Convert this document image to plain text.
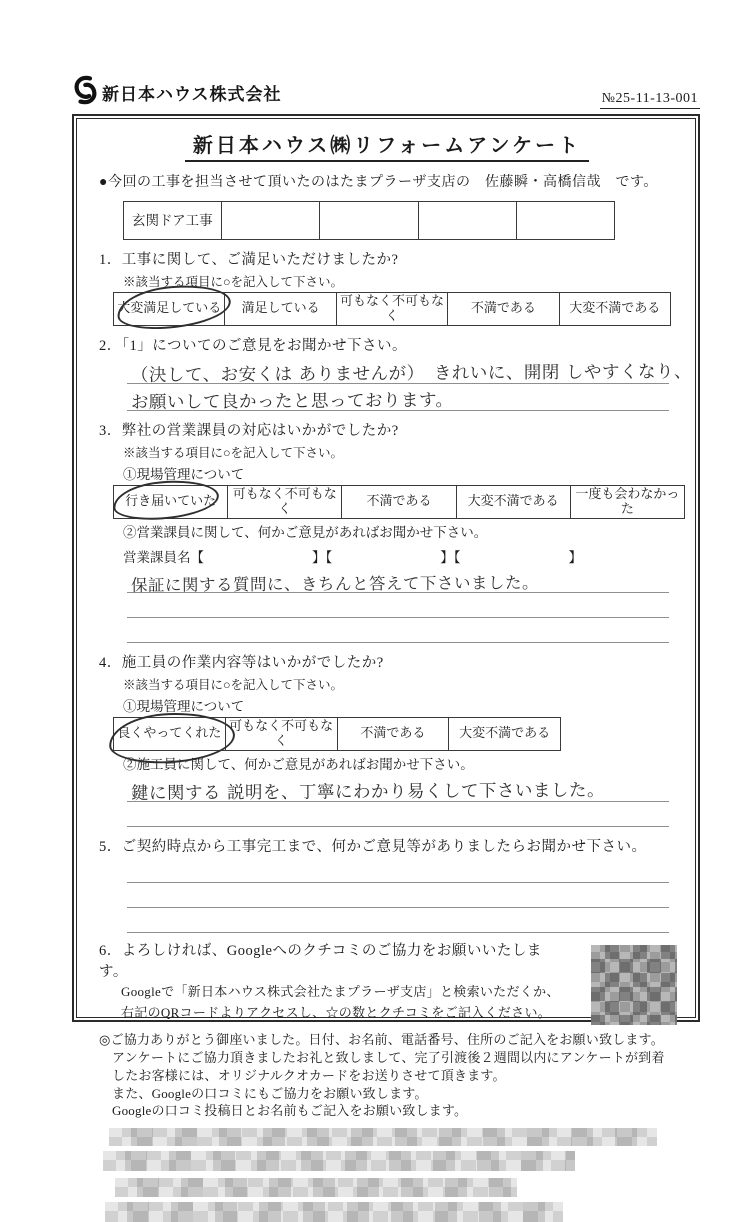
新日本ハウス株式会社	№25-11-13-001
新日本ハウス㈱リフォームアンケート
●今回の工事を担当させて頂いたのはたまプラーザ支店の　佐藤瞬・高橋信哉　です。
玄関ドア工事				
1．工事に関して、ご満足いただけましたか?
※該当する項目に○を記入して下さい。
大変満足している	満足している	可もなく不可もなく	不満である	大変不満である
2．「1」についてのご意見をお聞かせ下さい。
（決して、お安くは ありませんが）　きれいに、開閉 しやすくなり、
お願いして良かったと思っております。
3．弊社の営業課員の対応はいかがでしたか?
※該当する項目に○を記入して下さい。
①現場管理について
行き届いていた	可もなく不可もなく	不満である	大変不満である	一度も会わなかった
②営業課員に関して、何かご意見があればお聞かせ下さい。
営業課員名【　　　　　　　　】【　　　　　　　　】【　　　　　　　　】
保証に関する質問に、きちんと答えて下さいました。
4．施工員の作業内容等はいかがでしたか?
※該当する項目に○を記入して下さい。
①現場管理について
良くやってくれた	可もなく不可もなく	不満である	大変不満である
②施工員に関して、何かご意見があればお聞かせ下さい。
鍵に関する 説明を、丁寧にわかり易くして下さいました。
5．ご契約時点から工事完工まで、何かご意見等がありましたらお聞かせ下さい。
6．よろしければ、Googleへのクチコミのご協力をお願いいたします。
Googleで「新日本ハウス株式会社たまプラーザ支店」と検索いただくか、
右記のQRコードよりアクセスし、☆の数とクチコミをご記入ください。
◎ご協力ありがとう御座いました。日付、お名前、電話番号、住所のご記入をお願い致します。
アンケートにご協力頂きましたお礼と致しまして、完了引渡後２週間以内にアンケートが到着
したお客様には、オリジナルクオカードをお送りさせて頂きます。
また、Googleの口コミにもご協力をお願い致します。
Googleの口コミ投稿日とお名前もご記入をお願い致します。
